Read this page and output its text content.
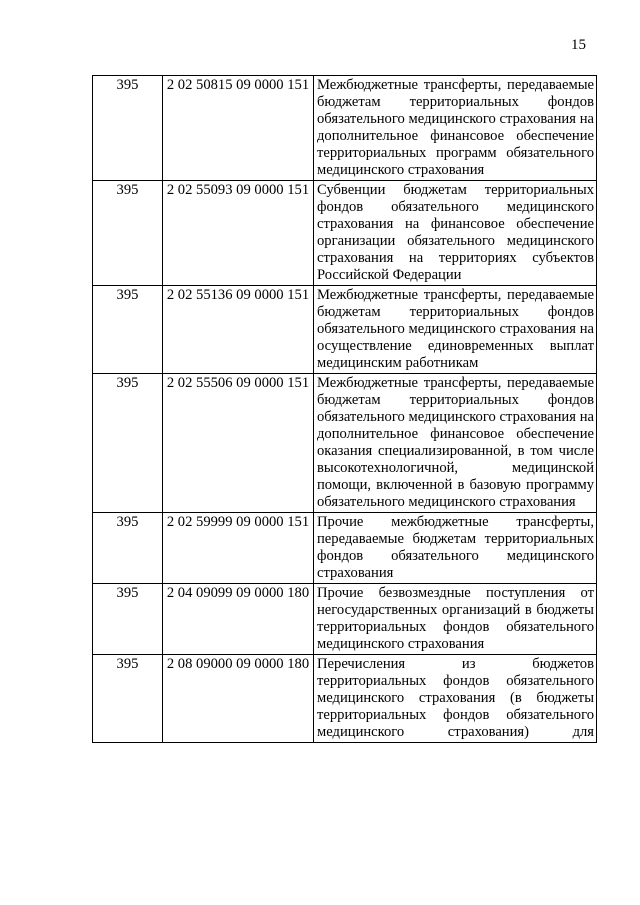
15
395	2 02 50815 09 0000 151	Межбюджетные трансферты, передаваемые бюджетам территориальных фондов обязательного медицинского страхования на дополнительное финансовое обеспечение территориальных программ обязательного медицинского страхования
395	2 02 55093 09 0000 151	Субвенции бюджетам территориальных фондов обязательного медицинского страхования на финансовое обеспечение организации обязательного медицинского страхования на территориях субъектов Российской Федерации
395	2 02 55136 09 0000 151	Межбюджетные трансферты, передаваемые бюджетам территориальных фондов обязательного медицинского страхования на осуществление единовременных выплат медицинским работникам
395	2 02 55506 09 0000 151	Межбюджетные трансферты, передаваемые бюджетам территориальных фондов обязательного медицинского страхования на дополнительное финансовое обеспечение оказания специализированной, в том числе высокотехнологичной, медицинской помощи, включенной в базовую программу обязательного медицинского страхования
395	2 02 59999 09 0000 151	Прочие межбюджетные трансферты, передаваемые бюджетам территориальных фондов обязательного медицинского страхования
395	2 04 09099 09 0000 180	Прочие безвозмездные поступления от негосударственных организаций в бюджеты территориальных фондов обязательного медицинского страхования
395	2 08 09000 09 0000 180	Перечисления из бюджетов территориальных фондов обязательного медицинского страхования (в бюджеты территориальных фондов обязательного медицинского страхования) для
